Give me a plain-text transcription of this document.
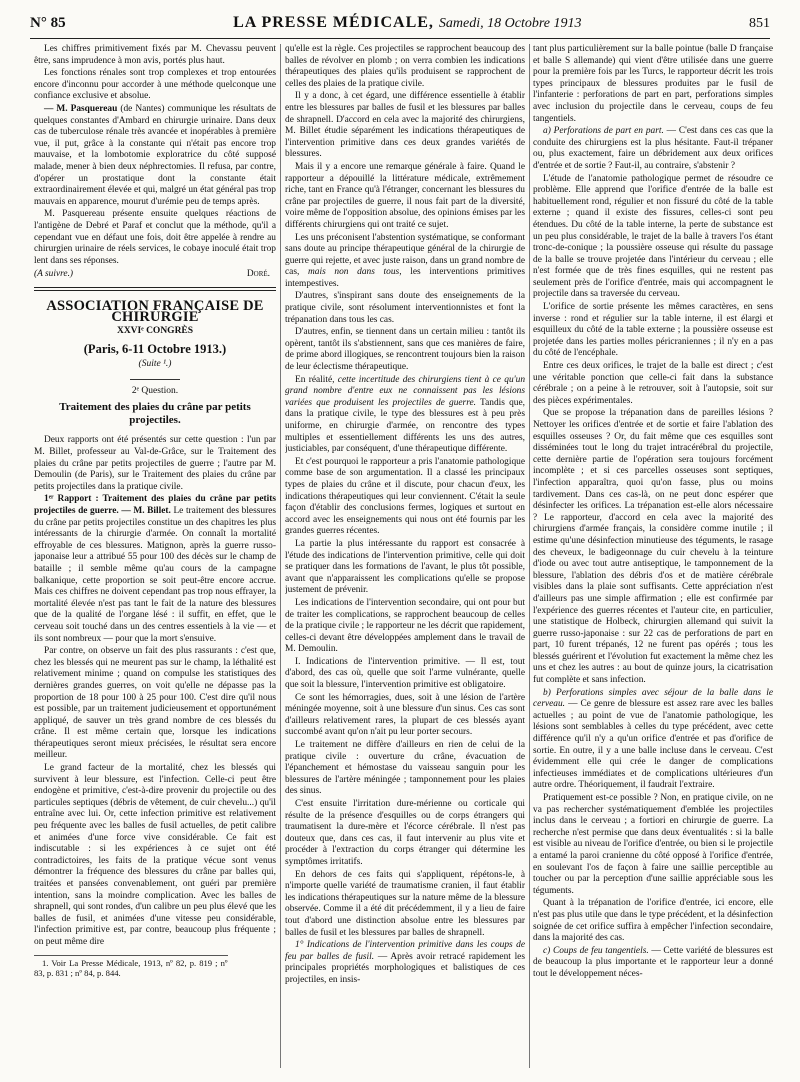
N° 85	LA PRESSE MÉDICALE, Samedi, 18 Octobre 1913	851

Les chiffres primitivement fixés par M. Chevassu peuvent être, sans imprudence à mon avis, portés plus haut.

Les fonctions rénales sont trop complexes et trop entourées encore d'inconnu pour accorder à une méthode quelconque une confiance exclusive et absolue.

— M. Pasquereau (de Nantes) communique les résultats de quelques constantes d'Ambard en chirurgie urinaire. Dans deux cas de tuberculose rénale très avancée et inopérables à première vue, il put, grâce à la constante qui n'était pas encore trop mauvaise, et la lombotomie exploratrice du côté supposé malade, mener à bien deux néphrectomies. Il refusa, par contre, d'opérer un prostatique dont la constante était extraordinairement élevée et qui, malgré un état général pas trop mauvais en apparence, mourut d'urémie peu de temps après.

M. Pasquereau présente ensuite quelques réactions de l'antigène de Debré et Paraf et conclut que la méthode, qu'il a cependant vue en défaut une fois, doit être appelée à rendre au chirurgien urinaire de réels services, le cobaye inoculé était trop lent dans ses réponses.

(A suivre.)	Doré.
ASSOCIATION FRANÇAISE DE CHIRURGIE
XXVIᵉ CONGRÈS
(Paris, 6-11 Octobre 1913.)
(Suite ¹.)
2ᵉ Question.
Traitement des plaies du crâne par petits projectiles.

Deux rapports ont été présentés sur cette question : l'un par M. Billet, professeur au Val-de-Grâce, sur le Traitement des plaies du crâne par petits projectiles de guerre ; l'autre par M. Demoulin (de Paris), sur le Traitement des plaies du crâne par petits projectiles dans la pratique civile.

1ᵉʳ Rapport : Traitement des plaies du crâne par petits projectiles de guerre. — M. Billet. Le traitement des blessures du crâne par petits projectiles constitue un des chapitres les plus intéressants de la chirurgie d'armée. On connaît la mortalité effroyable de ces blessures. Matignon, après la guerre russo-japonaise leur a attribué 55 pour 100 des décès sur le champ de bataille ; il semble même qu'au cours de la campagne balkanique, cette proportion se soit peut-être encore accrue. Mais ces chiffres ne doivent cependant pas trop nous effrayer, la mortalité élevée n'est pas tant le fait de la nature des blessures que de la qualité de l'organe lésé : il suffit, en effet, que le cerveau soit touché dans un des centres essentiels à la vie — et ils sont nombreux — pour que la mort s'ensuive.

Par contre, on observe un fait des plus rassurants : c'est que, chez les blessés qui ne meurent pas sur le champ, la léthalité est relativement minime ; quand on compulse les statistiques des dernières grandes guerres, on voit qu'elle ne dépasse pas la proportion de 18 pour 100 à 25 pour 100. C'est dire qu'il nous est possible, par un traitement judicieusement et opportunément appliqué, de sauver un très grand nombre de ces blessés du crâne. Il est même certain que, lorsque les indications thérapeutiques seront mieux précisées, le résultat sera encore meilleur.

Le grand facteur de la mortalité, chez les blessés qui survivent à leur blessure, est l'infection. Celle-ci peut être endogène et primitive, c'est-à-dire provenir du projectile ou des particules septiques (débris de vêtement, de cuir chevelu...) qu'il entraîne avec lui. Or, cette infection primitive est relativement peu fréquente avec les balles de fusil actuelles, de petit calibre et animées d'une force vive considérable. Ce fait est indiscutable : si les expériences à ce sujet ont été contradictoires, les faits de la pratique vécue sont venus démontrer la fréquence des blessures du crâne par balles qui, traitées et pansées convenablement, ont guéri par première intention, sans la moindre complication. Avec les balles de shrapnell, qui sont rondes, d'un calibre un peu plus élevé que les balles de fusil, et animées d'une vitesse peu considérable, l'infection primitive est, par contre, beaucoup plus fréquente ; on peut même dire

1. Voir La Presse Médicale, 1913, nº 82, p. 819 ; nº 83, p. 831 ; nº 84, p. 844.

qu'elle est la règle. Ces projectiles se rapprochent beaucoup des balles de révolver en plomb ; on verra combien les indications thérapeutiques des plaies qu'ils produisent se rapprochent de celles des plaies de la pratique civile.

Il y a donc, à cet égard, une différence essentielle à établir entre les blessures par balles de fusil et les blessures par balles de shrapnell. D'accord en cela avec la majorité des chirurgiens, M. Billet étudie séparément les indications thérapeutiques de l'intervention primitive dans ces deux grandes variétés de blessures.

Mais il y a encore une remarque générale à faire. Quand le rapporteur a dépouillé la littérature médicale, extrêmement riche, tant en France qu'à l'étranger, concernant les blessures du crâne par projectiles de guerre, il nous fait part de la diversité, voire même de l'opposition absolue, des opinions émises par les différents chirurgiens qui ont traité ce sujet.

Les uns préconisent l'abstention systématique, se conformant sans doute au principe thérapeutique général de la chirurgie de guerre qui rejette, et avec juste raison, dans un grand nombre de cas, mais non dans tous, les interventions primitives intempestives.

D'autres, s'inspirant sans doute des enseignements de la pratique civile, sont résolument interventionnistes et font la trépanation dans tous les cas.

D'autres, enfin, se tiennent dans un certain milieu : tantôt ils opèrent, tantôt ils s'abstiennent, sans que ces manières de faire, de prime abord illogiques, se rencontrent toujours bien la raison de leur éclectisme thérapeutique.

En réalité, cette incertitude des chirurgiens tient à ce qu'un grand nombre d'entre eux ne connaissent pas les lésions variées que produisent les projectiles de guerre. Tandis que, dans la pratique civile, le type des blessures est à peu près uniforme, en chirurgie d'armée, on rencontre des types multiples et essentiellement différents les uns des autres, justiciables, par conséquent, d'une thérapeutique différente.

Et c'est pourquoi le rapporteur a pris l'anatomie pathologique comme base de son argumentation. Il a classé les principaux types de plaies du crâne et il discute, pour chacun d'eux, les indications thérapeutiques qui leur conviennent. C'était la seule façon d'établir des conclusions fermes, logiques et surtout en accord avec les enseignements qui nous ont été fournis par les grandes guerres récentes.

La partie la plus intéressante du rapport est consacrée à l'étude des indications de l'intervention primitive, celle qui doit se pratiquer dans les formations de l'avant, le plus tôt possible, avant que n'apparaissent les complications qu'elle se propose justement de prévenir.

Les indications de l'intervention secondaire, qui ont pour but de traiter les complications, se rapprochent beaucoup de celles de la pratique civile ; le rapporteur ne les décrit que rapidement, celles-ci devant être développées amplement dans le travail de M. Demoulin.

I. Indications de l'intervention primitive. — Il est, tout d'abord, des cas où, quelle que soit l'arme vulnérante, quelle que soit la blessure, l'intervention primitive est obligatoire.

Ce sont les hémorragies, dues, soit à une lésion de l'artère méningée moyenne, soit à une blessure d'un sinus. Ces cas sont d'ailleurs relativement rares, la plupart de ces blessés ayant succombé avant qu'on n'ait pu leur porter secours.

Le traitement ne diffère d'ailleurs en rien de celui de la pratique civile : ouverture du crâne, évacuation de l'épanchement et hémostase du vaisseau sanguin pour les blessures de l'artère méningée ; tamponnement pour les plaies des sinus.

C'est ensuite l'irritation dure-mérienne ou corticale qui résulte de la présence d'esquilles ou de corps étrangers qui traumatisent la dure-mère et l'écorce cérébrale. Il n'est pas douteux que, dans ces cas, il faut intervenir au plus vite et procéder à l'extraction du corps étranger qui détermine les symptômes irritatifs.

En dehors de ces faits qui s'appliquent, répétons-le, à n'importe quelle variété de traumatisme cranien, il faut établir les indications thérapeutiques sur la nature même de la blessure observée. Comme il a été dit précédemment, il y a lieu de faire tout d'abord une distinction absolue entre les blessures par balles de fusil et les blessures par balles de shrapnell.

1° Indications de l'intervention primitive dans les coups de feu par balles de fusil. — Après avoir retracé rapidement les principales propriétés morphologiques et balistiques de ces projectiles, en insis-

tant plus particulièrement sur la balle pointue (balle D française et balle S allemande) qui vient d'être utilisée dans une guerre pour la première fois par les Turcs, le rapporteur décrit les trois types principaux de blessures produites par le fusil de l'infanterie : perforations de part en part, perforations simples avec inclusion du projectile dans le cerveau, coups de feu tangentiels.

a) Perforations de part en part. — C'est dans ces cas que la conduite des chirurgiens est la plus hésitante. Faut-il trépaner ou, plus exactement, faire un débridement aux deux orifices d'entrée et de sortie ? Faut-il, au contraire, s'abstenir ?

L'étude de l'anatomie pathologique permet de résoudre ce problème. Elle apprend que l'orifice d'entrée de la balle est habituellement rond, régulier et non fissuré du côté de la table externe ; quand il existe des fissures, celles-ci sont peu étendues. Du côté de la table interne, la perte de substance est un peu plus considérable, le trajet de la balle à travers l'os étant tronc-de-conique ; la poussière osseuse qui résulte du passage de la balle se trouve projetée dans l'intérieur du cerveau ; elle n'est formée que de très fines esquilles, qui ne restent pas seulement près de l'orifice d'entrée, mais qui accompagnent le projectile dans sa traversée du cerveau.

L'orifice de sortie présente les mêmes caractères, en sens inverse : rond et régulier sur la table interne, il est élargi et esquilleux du côté de la table externe ; la poussière osseuse est projetée dans les parties molles péricraniennes ; il n'y en a pas du côté de l'encéphale.

Entre ces deux orifices, le trajet de la balle est direct ; c'est une véritable ponction que celle-ci fait dans la substance cérébrale ; on a peine à le retrouver, soit à l'autopsie, soit sur des pièces expérimentales.

Que se propose la trépanation dans de pareilles lésions ? Nettoyer les orifices d'entrée et de sortie et faire l'ablation des esquilles osseuses ? Or, du fait même que ces esquilles sont disséminées tout le long du trajet intracérébral du projectile, cette dernière partie de l'opération sera toujours forcément incomplète ; et si ces parcelles osseuses sont septiques, l'infection apparaîtra, quoi qu'on fasse, plus ou moins tardivement. Dans ces cas-là, on ne peut donc espérer que désinfecter les orifices. La trépanation est-elle alors nécessaire ? Le rapporteur, d'accord en cela avec la majorité des chirurgiens d'armée français, la considère comme inutile ; il estime qu'une désinfection minutieuse des téguments, le rasage des cheveux, le badigeonnage du cuir chevelu à la teinture d'iode ou avec tout autre antiseptique, le tamponnement de la blessure, l'ablation des débris d'os et de matière cérébrale visibles dans la plaie sont suffisants. Cette appréciation n'est d'ailleurs pas une simple affirmation ; elle est confirmée par l'expérience des guerres récentes et l'auteur cite, en particulier, une statistique de Holbeck, chirurgien allemand qui suivit la guerre russo-japonaise : sur 22 cas de perforations de part en part, 10 furent trépanés, 12 ne furent pas opérés ; tous les blessés guérirent et l'évolution fut exactement la même chez les uns et chez les autres : au bout de quinze jours, la cicatrisation fut complète et sans infection.

b) Perforations simples avec séjour de la balle dans le cerveau. — Ce genre de blessure est assez rare avec les balles actuelles ; au point de vue de l'anatomie pathologique, les lésions sont semblables à celles du type précédent, avec cette différence qu'il n'y a qu'un orifice d'entrée et pas d'orifice de sortie. En outre, il y a une balle incluse dans le cerveau. C'est évidemment elle qui crée le danger de complications infectieuses immédiates et de complications ultérieures d'un autre ordre. Théoriquement, il faudrait l'extraire.

Pratiquement est-ce possible ? Non, en pratique civile, on ne va pas rechercher systématiquement d'emblée les projectiles inclus dans le cerveau ; a fortiori en chirurgie de guerre. La recherche n'est permise que dans deux éventualités : si la balle est visible au niveau de l'orifice d'entrée, ou bien si le projectile a entamé la paroi cranienne du côté opposé à l'orifice d'entrée, en soulevant l'os de façon à faire une saillie perceptible au toucher ou par la perception d'une saillie appréciable sous les téguments.

Quant à la trépanation de l'orifice d'entrée, ici encore, elle n'est pas plus utile que dans le type précédent, et la désinfection soignée de cet orifice suffira à empêcher l'infection secondaire, dans la majorité des cas.

c) Coups de feu tangentiels. — Cette variété de blessures est de beaucoup la plus importante et le rapporteur leur a donné tout le développement néces-
